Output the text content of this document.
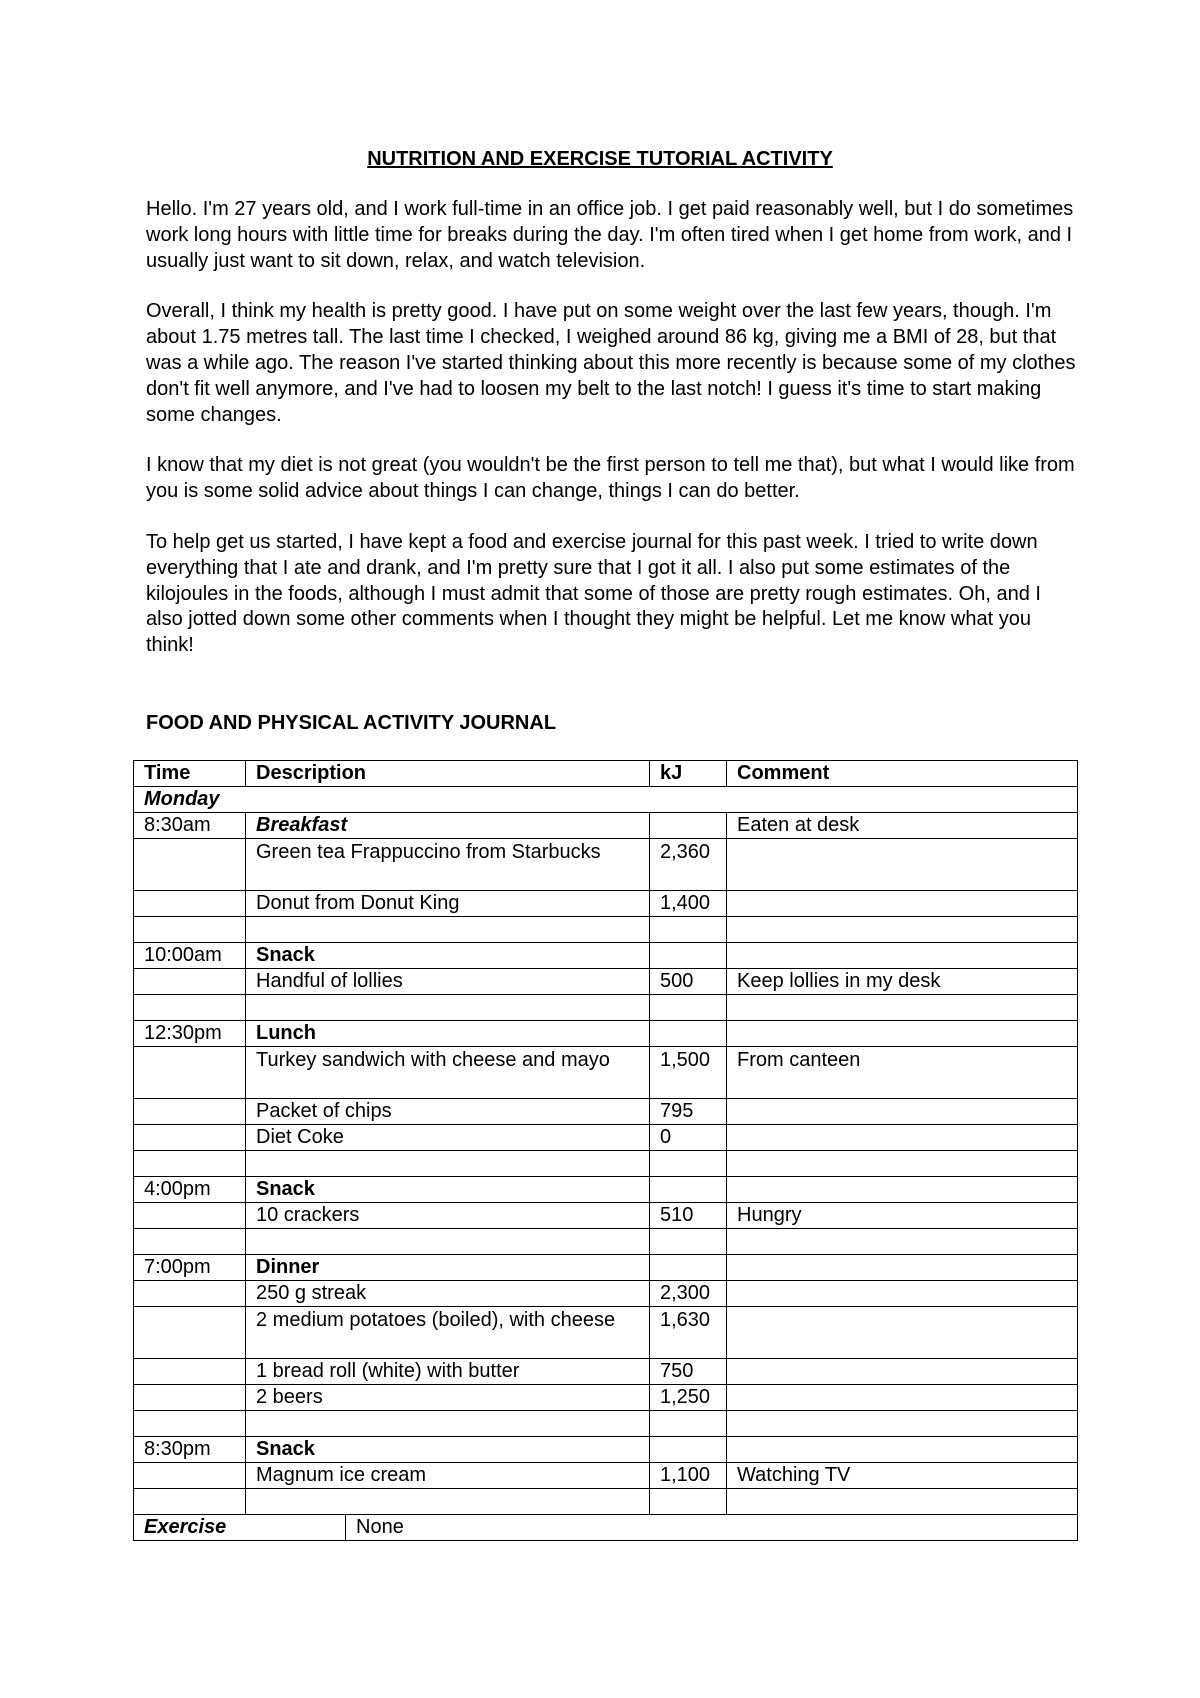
NUTRITION AND EXERCISE TUTORIAL ACTIVITY

Hello. I'm 27 years old, and I work full-time in an office job. I get paid reasonably well, but I do sometimes work long hours with little time for breaks during the day. I'm often tired when I get home from work, and I usually just want to sit down, relax, and watch television.

Overall, I think my health is pretty good. I have put on some weight over the last few years, though. I'm about 1.75 metres tall. The last time I checked, I weighed around 86 kg, giving me a BMI of 28, but that was a while ago. The reason I've started thinking about this more recently is because some of my clothes don't fit well anymore, and I've had to loosen my belt to the last notch! I guess it's time to start making some changes.

I know that my diet is not great (you wouldn't be the first person to tell me that), but what I would like from you is some solid advice about things I can change, things I can do better.

To help get us started, I have kept a food and exercise journal for this past week. I tried to write down everything that I ate and drank, and I'm pretty sure that I got it all. I also put some estimates of the kilojoules in the foods, although I must admit that some of those are pretty rough estimates. Oh, and I also jotted down some other comments when I thought they might be helpful. Let me know what you think!

FOOD AND PHYSICAL ACTIVITY JOURNAL
Time	Description		kJ	Comment
Monday				
8:30am	Breakfast			Eaten at desk
	Green tea Frappuccino from Starbucks		2,360	
	Donut from Donut King		1,400	

10:00am	Snack			
	Handful of lollies		500	Keep lollies in my desk

12:30pm	Lunch			
	Turkey sandwich with cheese and mayo		1,500	From canteen
	Packet of chips		795	
	Diet Coke		0	

4:00pm	Snack			
	10 crackers		510	Hungry

7:00pm	Dinner			
	250 g streak		2,300	
	2 medium potatoes (boiled), with cheese		1,630	
	1 bread roll (white) with butter		750	
	2 beers		1,250	

8:30pm	Snack			
	Magnum ice cream		1,100	Watching TV

Exercise		None		
